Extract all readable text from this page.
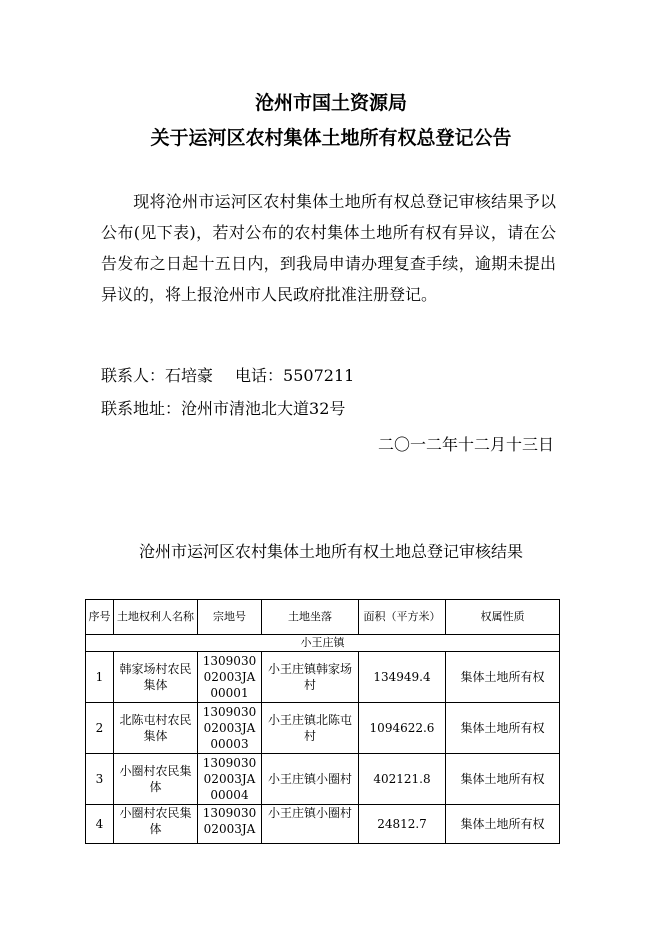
沧州市国土资源局
关于运河区农村集体土地所有权总登记公告

现将沧州市运河区农村集体土地所有权总登记审核结果予以公布(见下表)，若对公布的农村集体土地所有权有异议，请在公告发布之日起十五日内，到我局申请办理复查手续，逾期未提出异议的，将上报沧州市人民政府批准注册登记。

联系人：石培豪 电话：5507211
联系地址：沧州市清池北大道32号
二〇一二年十二月十三日
沧州市运河区农村集体土地所有权土地总登记审核结果
序号	土地权利人名称	宗地号	土地坐落	面积（平方米）	权属性质
小王庄镇					
1	韩家场村农民集体	130903002003JA00001	小王庄镇韩家场村	134949.4	集体土地所有权
2	北陈屯村农民集体	130903002003JA00003	小王庄镇北陈屯村	1094622.6	集体土地所有权
3	小圈村农民集体	130903002003JA00004	小王庄镇小圈村	402121.8	集体土地所有权
4	小圈村农民集体	130903002003JA	小王庄镇小圈村	24812.7	集体土地所有权
